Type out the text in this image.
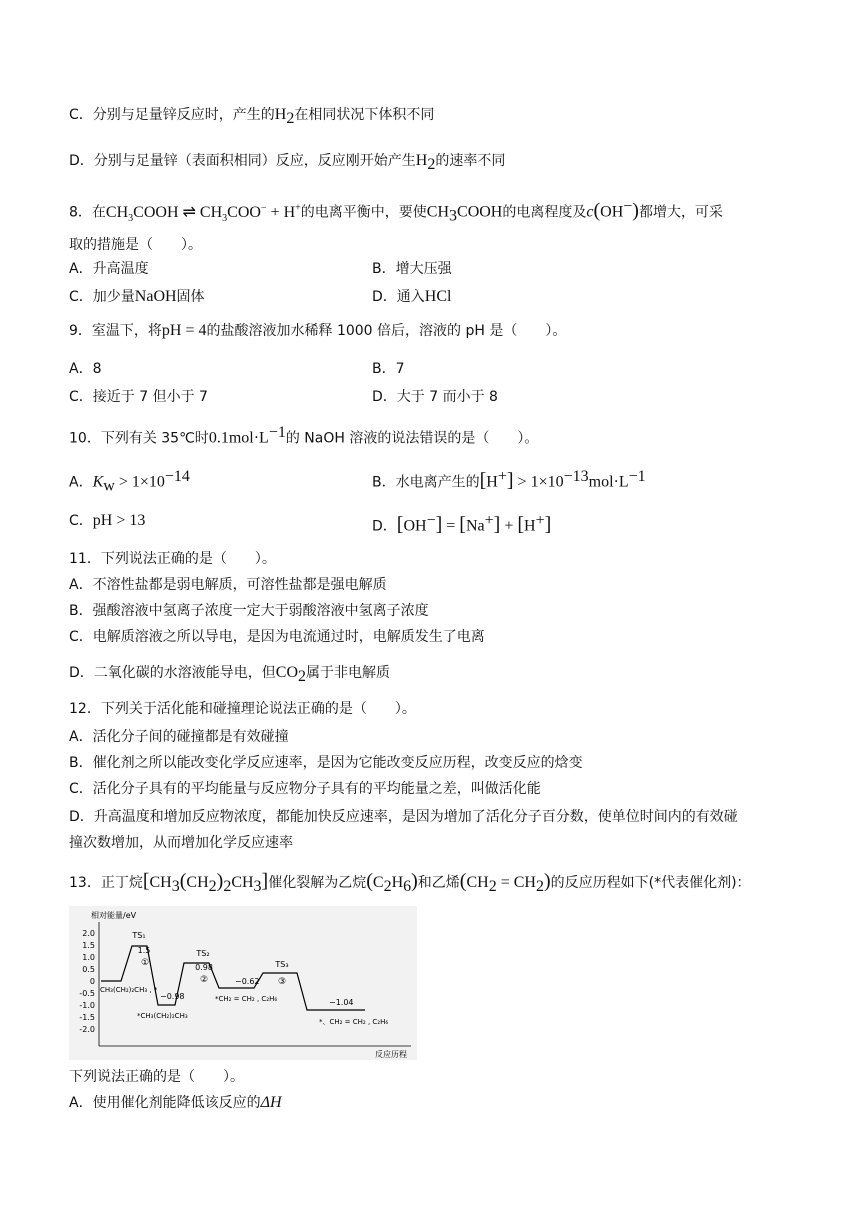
C．分别与足量锌反应时，产生的$H_2$在相同状况下体积不同
D．分别与足量锌（表面积相同）反应，反应刚开始产生$H_2$的速率不同
8．在$CH_3COOH$ ⇌ $CH_3COO^- + H^+$的电离平衡中，要使$CH_3COOH$的电离程度及c(OH−)都增大，可采
取的措施是（　　）。
A．升高温度	B．增大压强
C．加少量NaOH固体	D．通入HCl
9．室温下，将pH = 4的盐酸溶液加水稀释 1000 倍后，溶液的 pH 是（　　）。
A．8	B．7
C．接近于 7 但小于 7	D．大于 7 而小于 8
10．下列有关 35℃时$0.1mol\cdot L^{-1}$的 NaOH 溶液的说法错误的是（　　）。
A．$K_w > 1\times 10^{-14}$	B．水电离产生的$[H^+] > 1\times 10^{-13}mol\cdot L^{-1}$
C．pH > 13	D．[OH−] = [Na+] + [H+]
11．下列说法正确的是（　　）。
A．不溶性盐都是弱电解质，可溶性盐都是强电解质
B．强酸溶液中氢离子浓度一定大于弱酸溶液中氢离子浓度
C．电解质溶液之所以导电，是因为电流通过时，电解质发生了电离
D．二氧化碳的水溶液能导电，但$CO_2$属于非电解质
12．下列关于活化能和碰撞理论说法正确的是（　　）。
A．活化分子间的碰撞都是有效碰撞
B．催化剂之所以能改变化学反应速率，是因为它能改变反应历程，改变反应的焓变
C．活化分子具有的平均能量与反应物分子具有的平均能量之差，叫做活化能
D．升高温度和增加反应物浓度，都能加快反应速率，是因为增加了活化分子百分数，使单位时间内的有效碰
撞次数增加，从而增加化学反应速率
13．正丁烷$[CH_3(CH_2)_2CH_3]$催化裂解为乙烷$(C_2H_6)$和乙烯$(CH_2 = CH_2)$的反应历程如下(*代表催化剂)：
相对能量/eV
反应历程
2.0
1.5
1.0
0.5
0
-0.5
-1.0
-1.5
-2.0
TS₁
1.5
①
TS₂
0.98
②
TS₃
③
CH₃(CH₂)₂CH₃ , *
−0.98
*CH₃(CH₂)₂CH₃
−0.62
*CH₂ = CH₂ , C₂H₆	−1.04
*、CH₂ = CH₂ , C₂H₆
下列说法正确的是（　　）。
A．使用催化剂能降低该反应的ΔH
